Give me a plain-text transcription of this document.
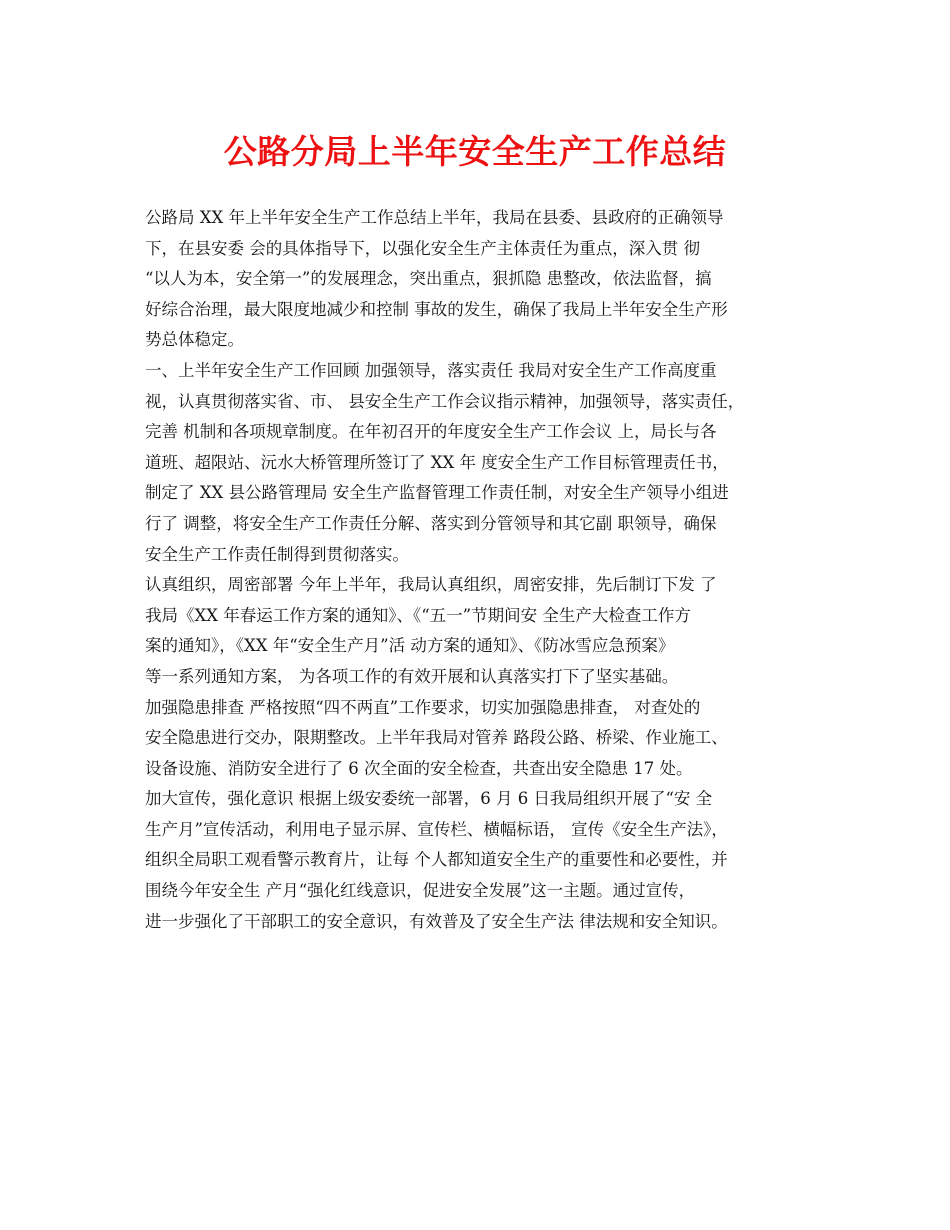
公路分局上半年安全生产工作总结
公路局 XX 年上半年安全生产工作总结上半年，我局在县委、县政府的正确领导
下，在县安委 会的具体指导下，以强化安全生产主体责任为重点，深入贯 彻
“以人为本，安全第一”的发展理念，突出重点，狠抓隐 患整改，依法监督，搞
好综合治理，最大限度地减少和控制 事故的发生，确保了我局上半年安全生产形
势总体稳定。
一、上半年安全生产工作回顾 加强领导，落实责任 我局对安全生产工作高度重
视，认真贯彻落实省、市、 县安全生产工作会议指示精神，加强领导，落实责任，
完善 机制和各项规章制度。在年初召开的年度安全生产工作会议 上，局长与各
道班、超限站、沅水大桥管理所签订了 XX 年 度安全生产工作目标管理责任书，
制定了 XX 县公路管理局 安全生产监督管理工作责任制，对安全生产领导小组进
行了 调整，将安全生产工作责任分解、落实到分管领导和其它副 职领导，确保
安全生产工作责任制得到贯彻落实。
认真组织，周密部署 今年上半年，我局认真组织，周密安排，先后制订下发 了
我局《XX 年春运工作方案的通知》、《“五一”节期间安 全生产大检查工作方
案的通知》，《XX 年“安全生产月”活 动方案的通知》、《防冰雪应急预案》
等一系列通知方案， 为各项工作的有效开展和认真落实打下了坚实基础。
加强隐患排查 严格按照“四不两直”工作要求，切实加强隐患排查， 对查处的
安全隐患进行交办，限期整改。上半年我局对管养 路段公路、桥梁、作业施工、
设备设施、消防安全进行了 6 次全面的安全检查，共查出安全隐患 17 处。
加大宣传，强化意识 根据上级安委统一部署，6 月 6 日我局组织开展了“安 全
生产月”宣传活动，利用电子显示屏、宣传栏、横幅标语， 宣传《安全生产法》，
组织全局职工观看警示教育片，让每 个人都知道安全生产的重要性和必要性，并
围绕今年安全生 产月“强化红线意识，促进安全发展”这一主题。通过宣传，
进一步强化了干部职工的安全意识，有效普及了安全生产法 律法规和安全知识。
